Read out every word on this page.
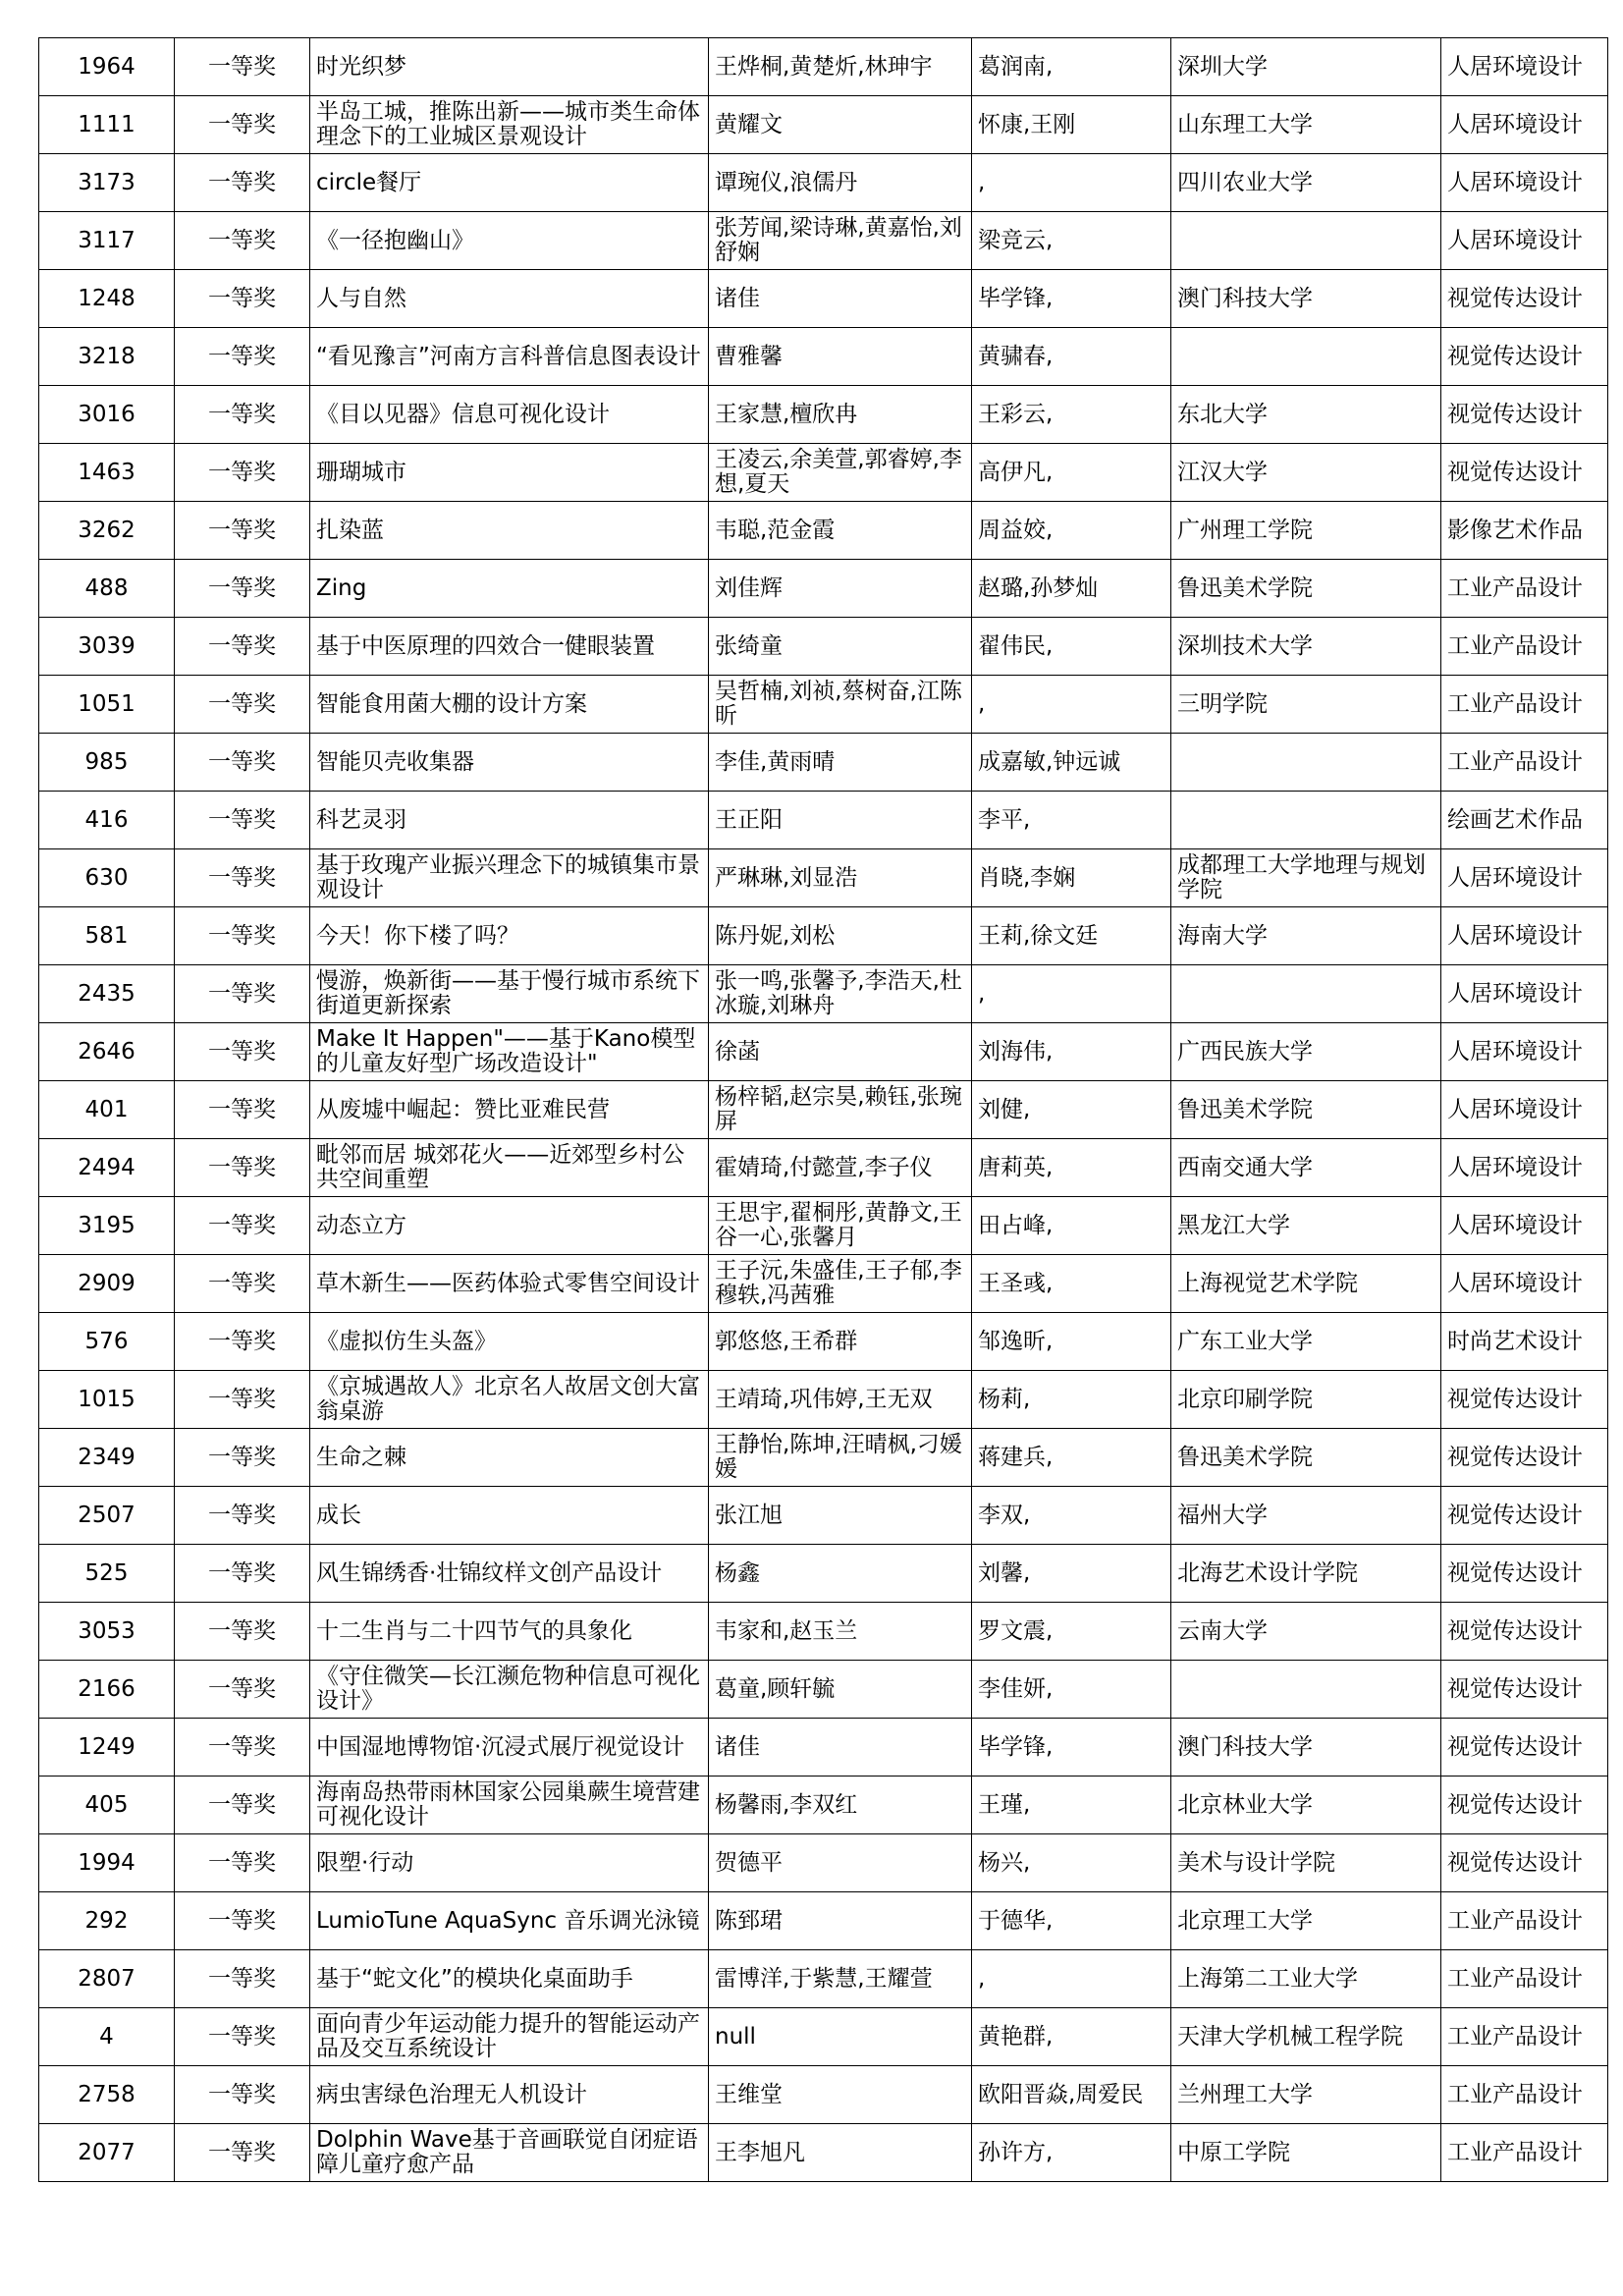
1964	一等奖	时光织梦	王烨桐,黄楚炘,林珅宇	葛润南,	深圳大学	人居环境设计
1111	一等奖	半岛工城，推陈出新——城市类生命体理念下的工业城区景观设计	黄耀文	怀康,王刚	山东理工大学	人居环境设计
3173	一等奖	circle餐厅	谭琬仪,浪儒丹	,	四川农业大学	人居环境设计
3117	一等奖	《一径抱幽山》	张芳闻,梁诗琳,黄嘉怡,刘舒娴	梁竞云,		人居环境设计
1248	一等奖	人与自然	诸佳	毕学锋,	澳门科技大学	视觉传达设计
3218	一等奖	“看见豫言”河南方言科普信息图表设计	曹雅馨	黄骕春,		视觉传达设计
3016	一等奖	《目以见器》信息可视化设计	王家慧,檀欣冉	王彩云,	东北大学	视觉传达设计
1463	一等奖	珊瑚城市	王凌云,余美萱,郭睿婷,李想,夏天	高伊凡,	江汉大学	视觉传达设计
3262	一等奖	扎染蓝	韦聪,范金霞	周益姣,	广州理工学院	影像艺术作品
488	一等奖	Zing	刘佳辉	赵璐,孙梦灿	鲁迅美术学院	工业产品设计
3039	一等奖	基于中医原理的四效合一健眼装置	张绮童	翟伟民,	深圳技术大学	工业产品设计
1051	一等奖	智能食用菌大棚的设计方案	吴哲楠,刘祯,蔡树奋,江陈昕	,	三明学院	工业产品设计
985	一等奖	智能贝壳收集器	李佳,黄雨晴	成嘉敏,钟远诚		工业产品设计
416	一等奖	科艺灵羽	王正阳	李平,		绘画艺术作品
630	一等奖	基于玫瑰产业振兴理念下的城镇集市景观设计	严琳琳,刘显浩	肖晓,李娴	成都理工大学地理与规划学院	人居环境设计
581	一等奖	今天！你下楼了吗？	陈丹妮,刘松	王莉,徐文廷	海南大学	人居环境设计
2435	一等奖	慢游，焕新街——基于慢行城市系统下街道更新探索	张一鸣,张馨予,李浩天,杜冰璇,刘琳舟	,		人居环境设计
2646	一等奖	Make It Happen"——基于Kano模型的儿童友好型广场改造设计"	徐菡	刘海伟,	广西民族大学	人居环境设计
401	一等奖	从废墟中崛起：赞比亚难民营	杨梓韬,赵宗昊,赖钰,张琬屏	刘健,	鲁迅美术学院	人居环境设计
2494	一等奖	毗邻而居 城郊花火——近郊型乡村公共空间重塑	霍婧琦,付懿萱,李子仪	唐莉英,	西南交通大学	人居环境设计
3195	一等奖	动态立方	王思宇,翟桐彤,黄静文,王谷一心,张馨月	田占峰,	黑龙江大学	人居环境设计
2909	一等奖	草木新生——医药体验式零售空间设计	王子沅,朱盛佳,王子郁,李穆轶,冯茜雅	王圣彧,	上海视觉艺术学院	人居环境设计
576	一等奖	《虚拟仿生头盔》	郭悠悠,王希群	邹逸昕,	广东工业大学	时尚艺术设计
1015	一等奖	《京城遇故人》北京名人故居文创大富翁桌游	王靖琦,巩伟婷,王无双	杨莉,	北京印刷学院	视觉传达设计
2349	一等奖	生命之棘	王静怡,陈坤,汪晴枫,刁媛媛	蒋建兵,	鲁迅美术学院	视觉传达设计
2507	一等奖	成长	张江旭	李双,	福州大学	视觉传达设计
525	一等奖	风生锦绣香·壮锦纹样文创产品设计	杨鑫	刘馨,	北海艺术设计学院	视觉传达设计
3053	一等奖	十二生肖与二十四节气的具象化	韦家和,赵玉兰	罗文震,	云南大学	视觉传达设计
2166	一等奖	《守住微笑—长江濒危物种信息可视化设计》	葛童,顾轩毓	李佳妍,		视觉传达设计
1249	一等奖	中国湿地博物馆·沉浸式展厅视觉设计	诸佳	毕学锋,	澳门科技大学	视觉传达设计
405	一等奖	海南岛热带雨林国家公园巢蕨生境营建可视化设计	杨馨雨,李双红	王瑾,	北京林业大学	视觉传达设计
1994	一等奖	限塑·行动	贺德平	杨兴,	美术与设计学院	视觉传达设计
292	一等奖	LumioTune AquaSync 音乐调光泳镜	陈郅珺	于德华,	北京理工大学	工业产品设计
2807	一等奖	基于“蛇文化”的模块化桌面助手	雷博洋,于紫慧,王耀萱	,	上海第二工业大学	工业产品设计
4	一等奖	面向青少年运动能力提升的智能运动产品及交互系统设计	null	黄艳群,	天津大学机械工程学院	工业产品设计
2758	一等奖	病虫害绿色治理无人机设计	王维堂	欧阳晋焱,周爱民	兰州理工大学	工业产品设计
2077	一等奖	Dolphin Wave基于音画联觉自闭症语障儿童疗愈产品	王李旭凡	孙许方,	中原工学院	工业产品设计
